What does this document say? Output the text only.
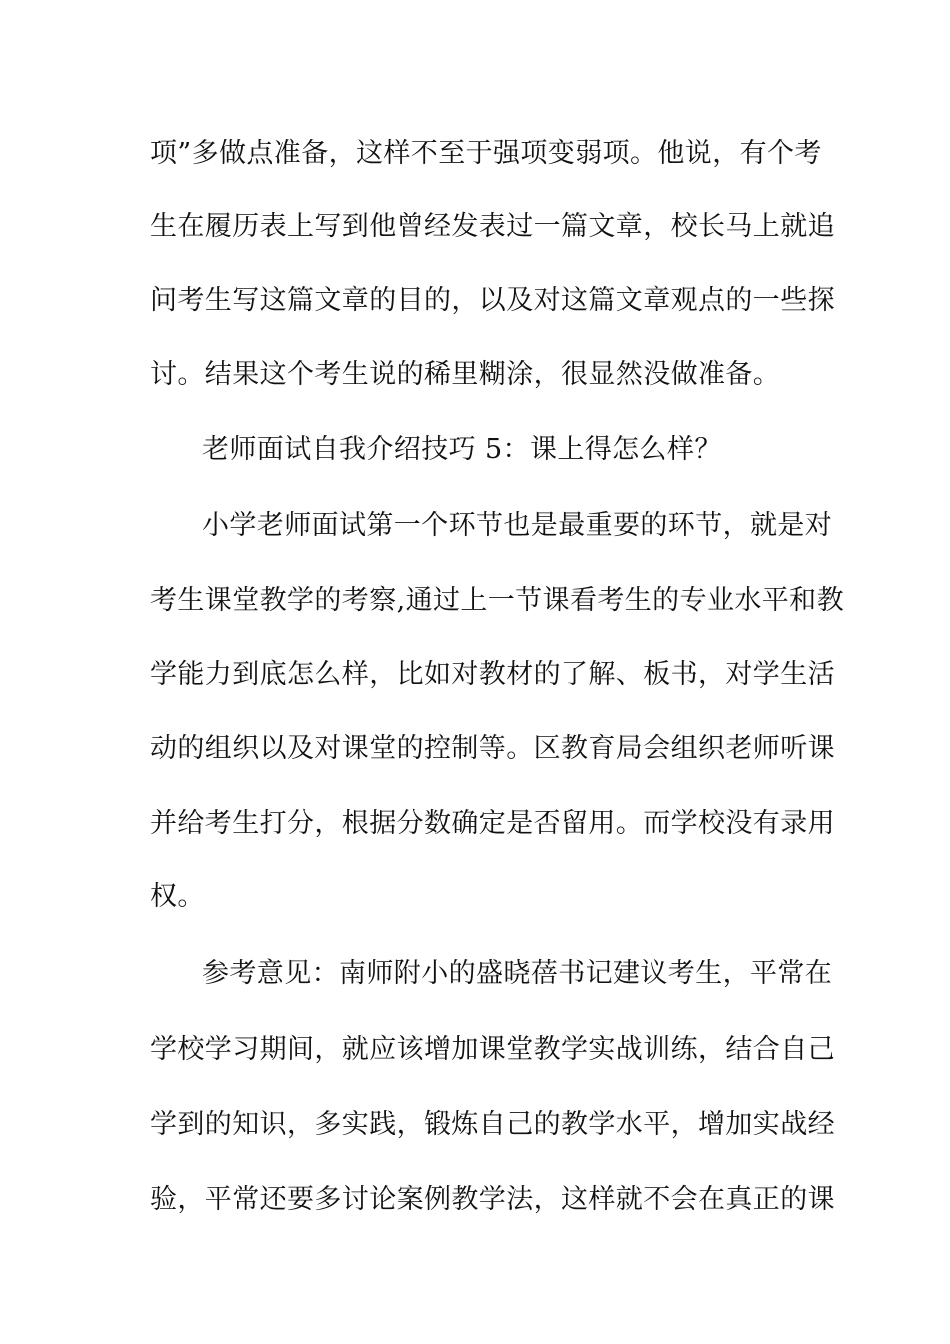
项”多做点准备，这样不至于强项变弱项。他说，有个考
生在履历表上写到他曾经发表过一篇文章，校长马上就追
问考生写这篇文章的目的，以及对这篇文章观点的一些探
讨。结果这个考生说的稀里糊涂，很显然没做准备。
老师面试自我介绍技巧 5：课上得怎么样？
小学老师面试第一个环节也是最重要的环节，就是对
考生课堂教学的考察,通过上一节课看考生的专业水平和教
学能力到底怎么样，比如对教材的了解、板书，对学生活
动的组织以及对课堂的控制等。区教育局会组织老师听课
并给考生打分，根据分数确定是否留用。而学校没有录用
权。
参考意见：南师附小的盛晓蓓书记建议考生，平常在
学校学习期间，就应该增加课堂教学实战训练，结合自己
学到的知识，多实践，锻炼自己的教学水平，增加实战经
验，平常还要多讨论案例教学法，这样就不会在真正的课
